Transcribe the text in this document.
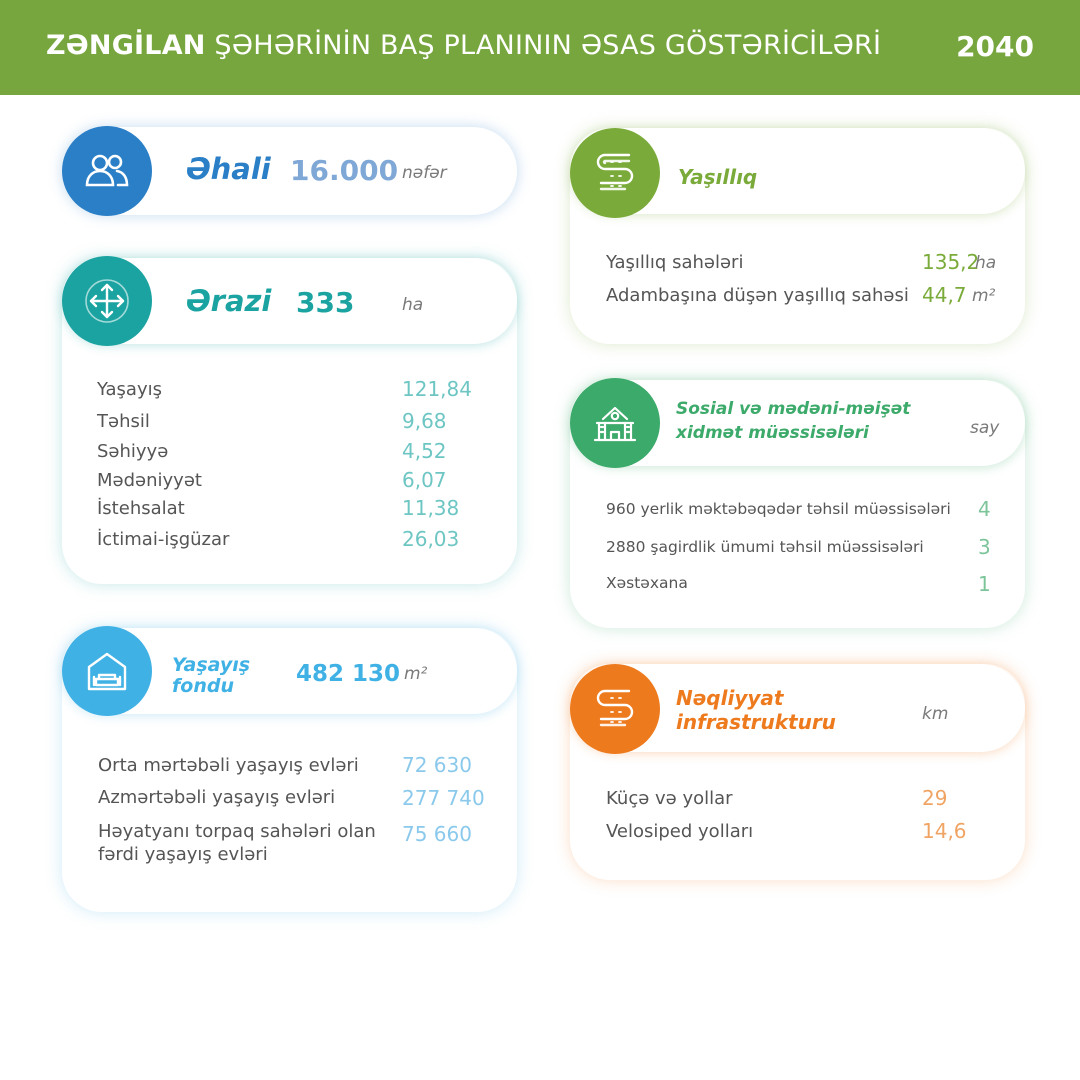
ZƏNGİLAN ŞƏHƏRİNİN BAŞ PLANININ ƏSAS GÖSTƏRİCİLƏRİ	2040
Əhali 16.000 nəfər
Ərazi 333	ha
Yaşayış	121,84
Təhsil	9,68
Səhiyyə	4,52
Mədəniyyət	6,07
İstehsalat	11,38
İctimai-işgüzar	26,03
Yaşayış
fondu	482 130 m²
Orta mərtəbəli yaşayış evləri 72 630
Azmərtəbəli yaşayış evləri	277 740
Həyatyanı torpaq sahələri olan
fərdi yaşayış evləri
75 660
Yaşıllıq
Yaşıllıq sahələri	135,2
ha
Adambaşına düşən yaşıllıq sahəsi 44,7 m²
Sosial və mədəni-məişət
xidmət müəssisələri	say
960 yerlik məktəbəqədər təhsil müəssisələri 4
2880 şagirdlik ümumi təhsil müəssisələri	3
Xəstəxana	1
Nəqliyyat
infrastrukturu	km
Küçə və yollar	29
Velosiped yolları	14,6
